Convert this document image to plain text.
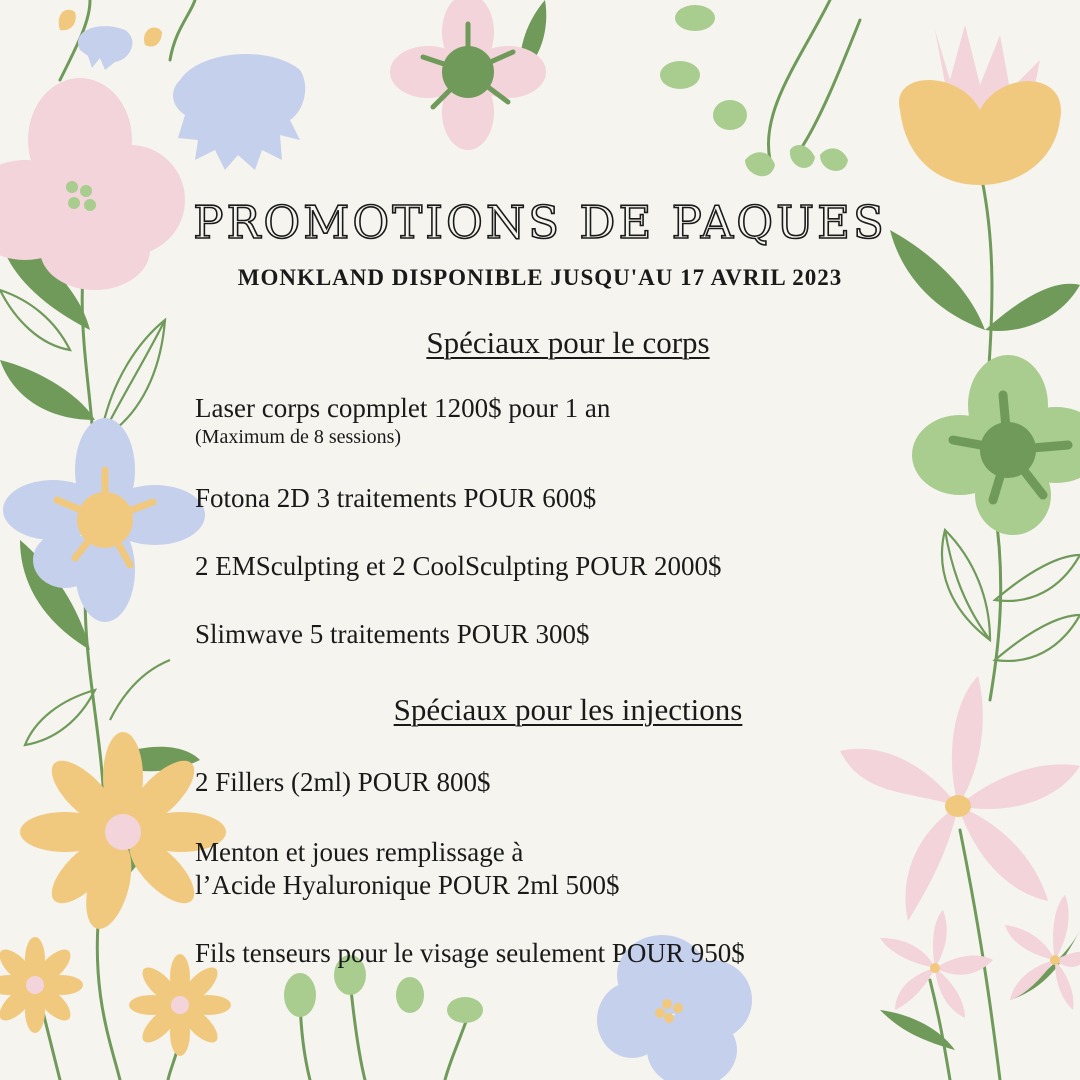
PROMOTIONS DE PAQUES

MONKLAND DISPONIBLE JUSQU'AU 17 AVRIL 2023

Spéciaux pour le corps
Laser corps copmplet 1200$ pour 1 an
(Maximum de 8 sessions)
Fotona 2D 3 traitements POUR 600$
2 EMSculpting et 2 CoolSculpting POUR 2000$
Slimwave 5 traitements POUR 300$
Spéciaux pour les injections
2 Fillers (2ml) POUR 800$
Menton et joues remplissage à
l’Acide Hyaluronique POUR 2ml 500$
Fils tenseurs pour le visage seulement POUR 950$
